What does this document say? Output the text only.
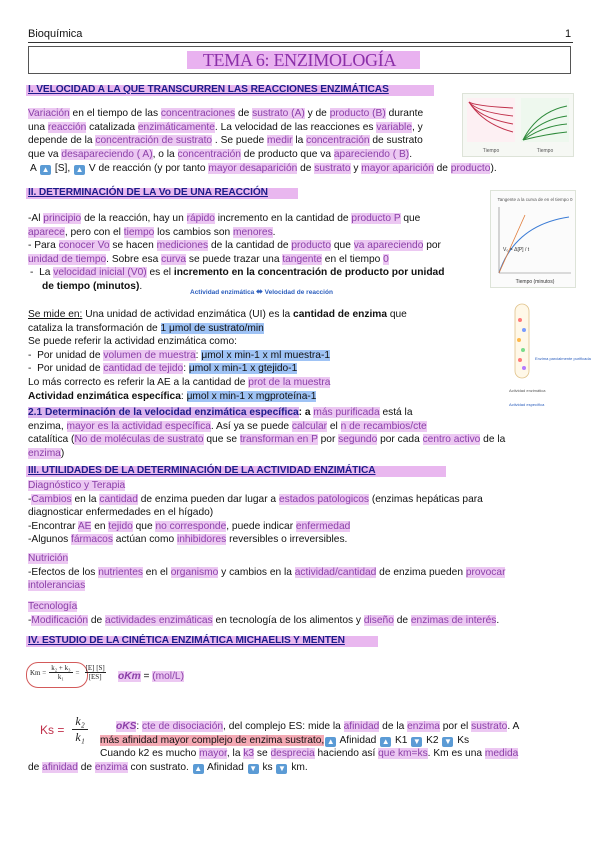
Bioquímica	1
TEMA 6: ENZIMOLOGÍA
I. VELOCIDAD A LA QUE TRANSCURREN LAS REACCIONES ENZIMÁTICAS
Variación en el tiempo de las concentraciones de sustrato (A) y de producto (B) durante
una reacción catalizada enzimáticamente. La velocidad de las reacciones es variable, y
depende de la concentración de sustrato . Se puede medir la concentración de sustrato
que va desapareciendo ( A), o la concentración de producto que va apareciendo ( B).
A ▲ [S], ▲ V de reacción (y por tanto mayor desaparición de sustrato y mayor aparición de producto).
Tiempo	Tiempo
II. DETERMINACIÓN DE LA Vo DE UNA REACCIÓN
-Al principio de la reacción, hay un rápido incremento en la cantidad de producto P que
aparece, pero con el tiempo los cambios son menores.
- Para conocer Vo se hacen mediciones de la cantidad de producto que va apareciendo por
unidad de tiempo. Sobre esa curva se puede trazar una tangente en el tiempo 0
-  La velocidad inicial (V0) es el incremento en la concentración de producto por unidad
de tiempo (minutos).
Actividad enzimática ⬌ Velocidad de reacción
Tangente a la curva de en el tiempo 0
V₀ = Δ[P] / t
Tiempo (minutos)
Se mide en: Una unidad de actividad enzimática (UI) es la cantidad de enzima que
cataliza la transformación de 1 μmol de sustrato/min
Se puede referir la actividad enzimática como:
-  Por unidad de volumen de muestra: μmol x min-1 x ml muestra-1
-  Por unidad de cantidad de tejido: μmol x min-1 x gtejido-1
Lo más correcto es referir la AE a la cantidad de prot de la muestra
Actividad enzimática específica: μmol x min-1 x mgproteína-1
Enzima parcialmente purificada
Actividad enzimática
Actividad específica
2.1 Determinación de la velocidad enzimática específica: a más purificada está la
enzima, mayor es la actividad específica. Así ya se puede calcular el n de recambios/cte
catalítica (No de moléculas de sustrato que se transforman en P por segundo por cada centro activo de la
enzima)
III. UTILIDADES DE LA DETERMINACIÓN DE LA ACTIVIDAD ENZIMÁTICA
Diagnóstico y Terapia
-Cambios en la cantidad de enzima pueden dar lugar a estados patologicos (enzimas hepáticas para
diagnosticar enfermedades en el hígado)
-Encontrar AE en tejido que no corresponde, puede indicar enfermedad
-Algunos fármacos actúan como inhibidores reversibles o irreversibles.
Nutrición
-Efectos de los nutrientes en el organismo y cambios en la actividad/cantidad de enzima pueden provocar
intolerancias
Tecnología
-Modificación de actividades enzimáticas en tecnología de los alimentos y diseño de enzimas de interés.
IV. ESTUDIO DE LA CINÉTICA ENZIMÁTICA MICHAELIS Y MENTEN
$Km = \frac{\text{k₂ + k₃}}{\text{k₁}} = \frac{[E] [S]}{[ES]}$ oKm = (mol/L)
$Ks = \frac{\text{k₂}}{\text{k₁}}$	oKS: cte de disociación, del complejo ES: mide la afinidad de la enzima por el sustrato. A
más afinidad mayor complejo de enzima sustrato, ▲ Afinidad ▲ K1 ▼ K2 ▼ Ks
Cuando k2 es mucho mayor, la k3 se desprecia haciendo así que km=ks. Km es una medida
de afinidad de enzima con sustrato. ▲ Afinidad ▼ ks ▼ km.
